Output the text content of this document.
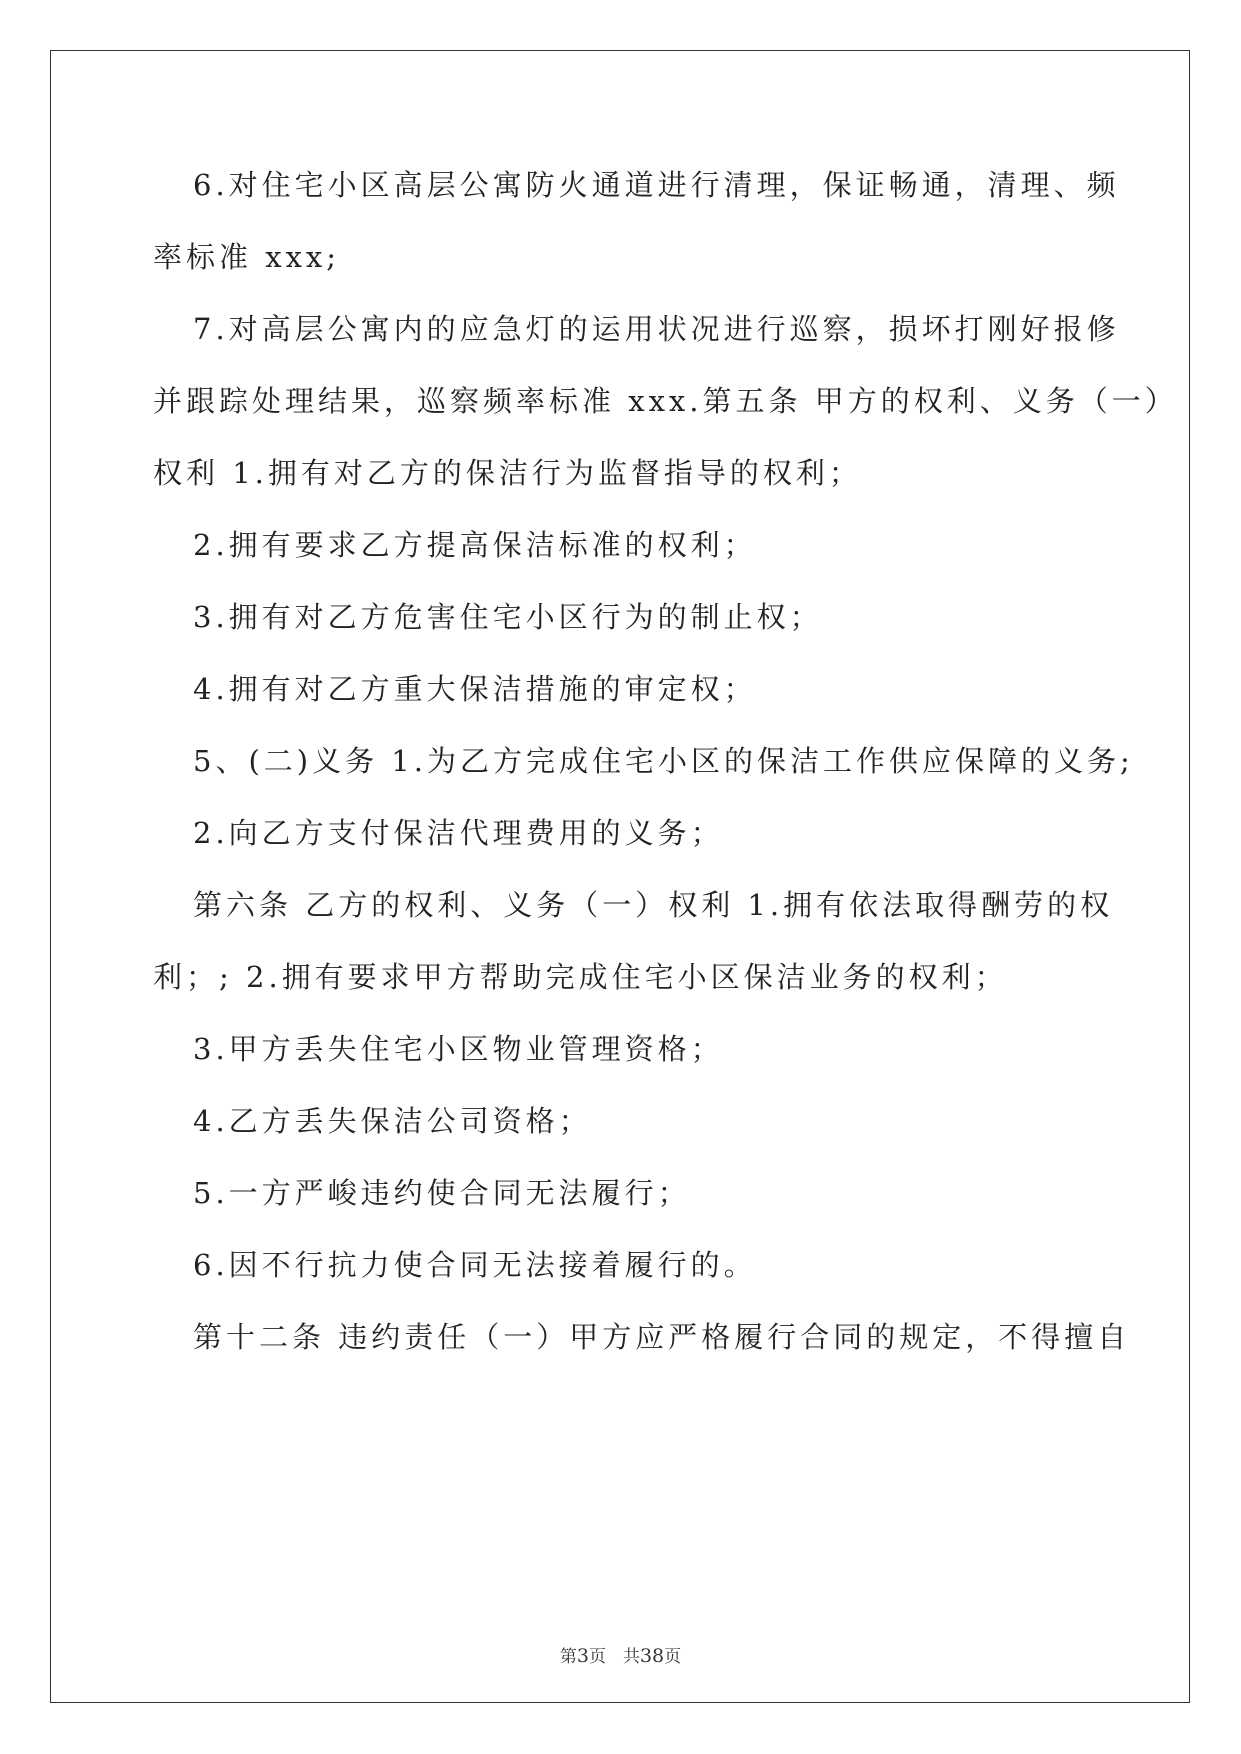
6.对住宅小区高层公寓防火通道进行清理，保证畅通，清理、频
率标准 xxx;
7.对高层公寓内的应急灯的运用状况进行巡察，损坏打刚好报修
并跟踪处理结果，巡察频率标准 xxx.第五条 甲方的权利、义务（一）
权利 1.拥有对乙方的保洁行为监督指导的权利；
2.拥有要求乙方提高保洁标准的权利；
3.拥有对乙方危害住宅小区行为的制止权；
4.拥有对乙方重大保洁措施的审定权；
5、(二)义务 1.为乙方完成住宅小区的保洁工作供应保障的义务;
2.向乙方支付保洁代理费用的义务；
第六条 乙方的权利、义务（一）权利 1.拥有依法取得酬劳的权
利；; 2.拥有要求甲方帮助完成住宅小区保洁业务的权利；
3.甲方丢失住宅小区物业管理资格；
4.乙方丢失保洁公司资格；
5.一方严峻违约使合同无法履行；
6.因不行抗力使合同无法接着履行的。
第十二条 违约责任（一）甲方应严格履行合同的规定，不得擅自
第3页　共38页
